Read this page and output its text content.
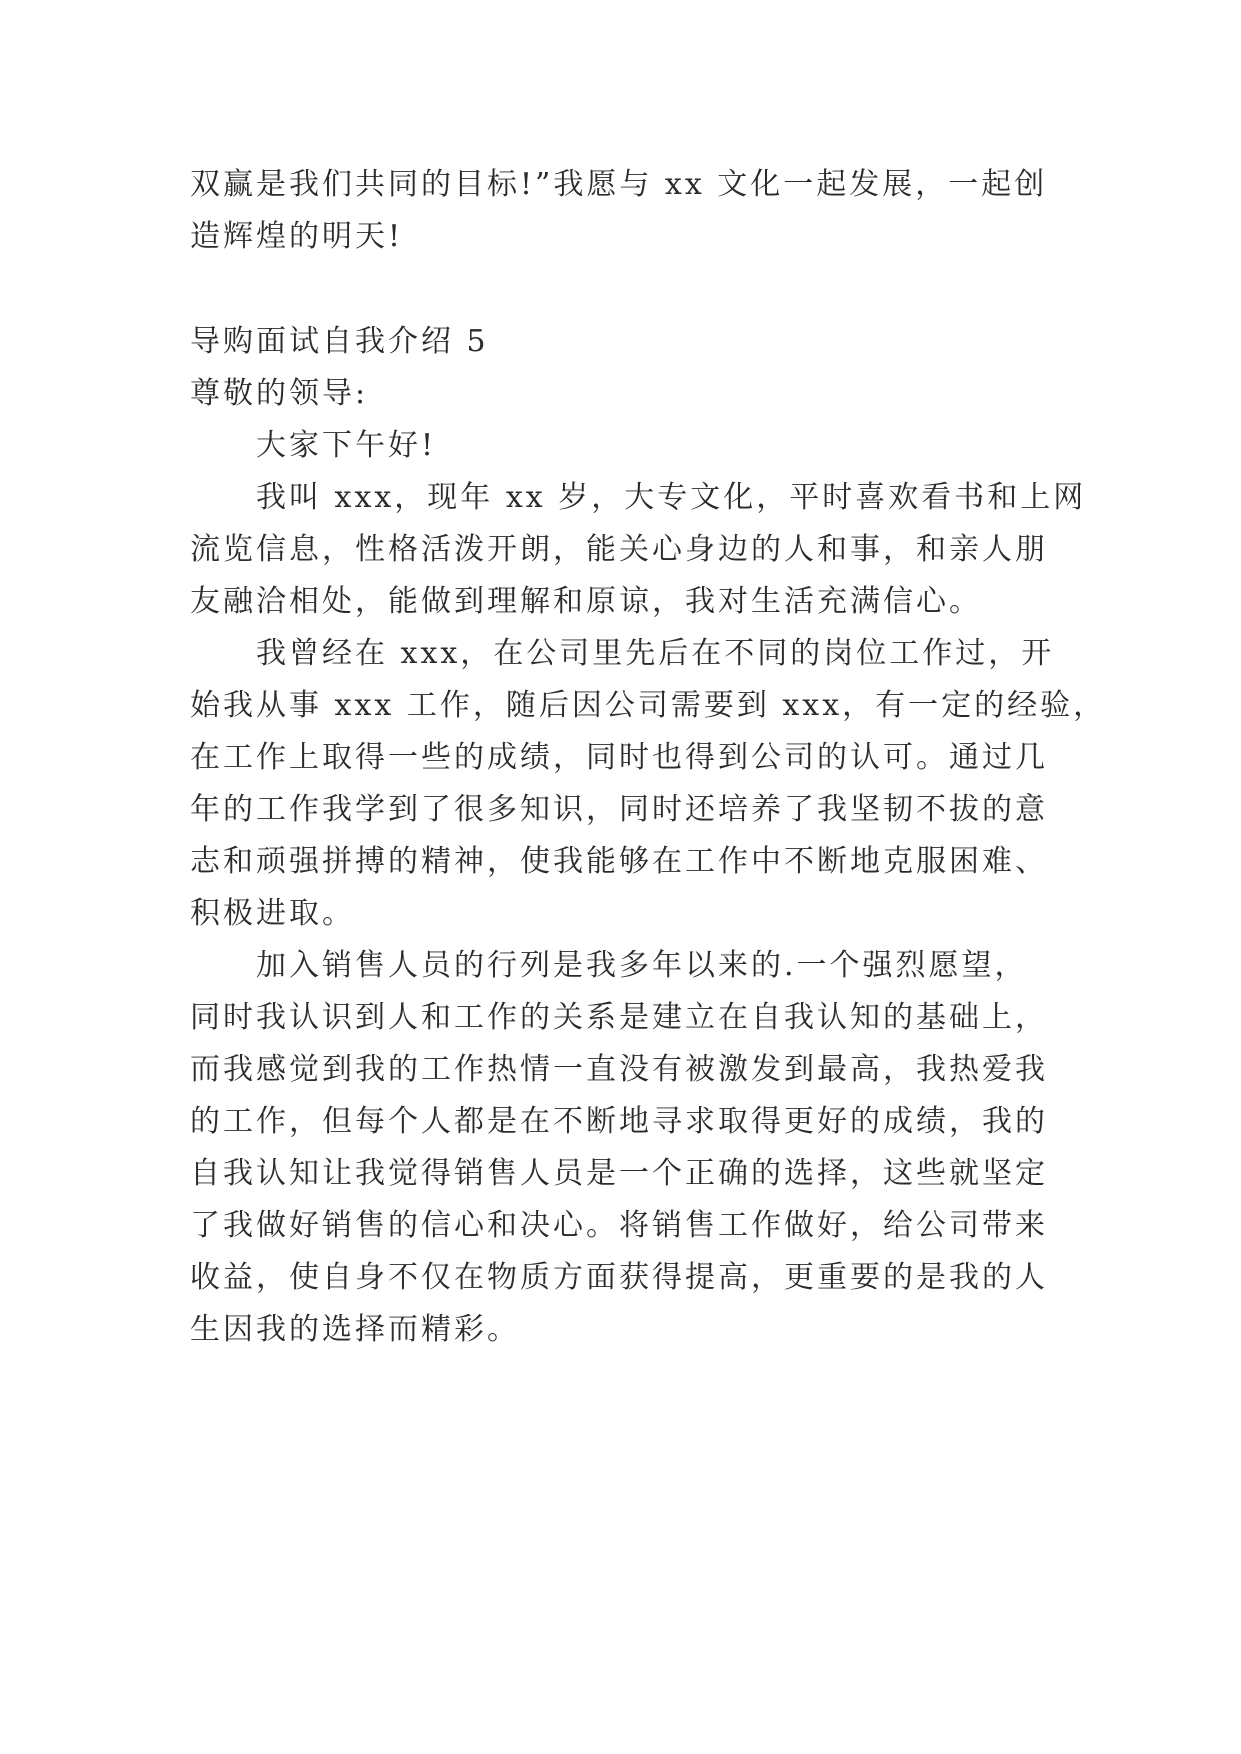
双赢是我们共同的目标!”我愿与 xx 文化一起发展，一起创
造辉煌的明天!
导购面试自我介绍 5
尊敬的领导:
大家下午好!
我叫 xxx，现年 xx 岁，大专文化，平时喜欢看书和上网
流览信息，性格活泼开朗，能关心身边的人和事，和亲人朋
友融洽相处，能做到理解和原谅，我对生活充满信心。
我曾经在 xxx，在公司里先后在不同的岗位工作过，开
始我从事 xxx 工作，随后因公司需要到 xxx，有一定的经验，
在工作上取得一些的成绩，同时也得到公司的认可。通过几
年的工作我学到了很多知识，同时还培养了我坚韧不拔的意
志和顽强拼搏的精神，使我能够在工作中不断地克服困难、
积极进取。
加入销售人员的行列是我多年以来的.一个强烈愿望，
同时我认识到人和工作的关系是建立在自我认知的基础上，
而我感觉到我的工作热情一直没有被激发到最高，我热爱我
的工作，但每个人都是在不断地寻求取得更好的成绩，我的
自我认知让我觉得销售人员是一个正确的选择，这些就坚定
了我做好销售的信心和决心。将销售工作做好，给公司带来
收益，使自身不仅在物质方面获得提高，更重要的是我的人
生因我的选择而精彩。
